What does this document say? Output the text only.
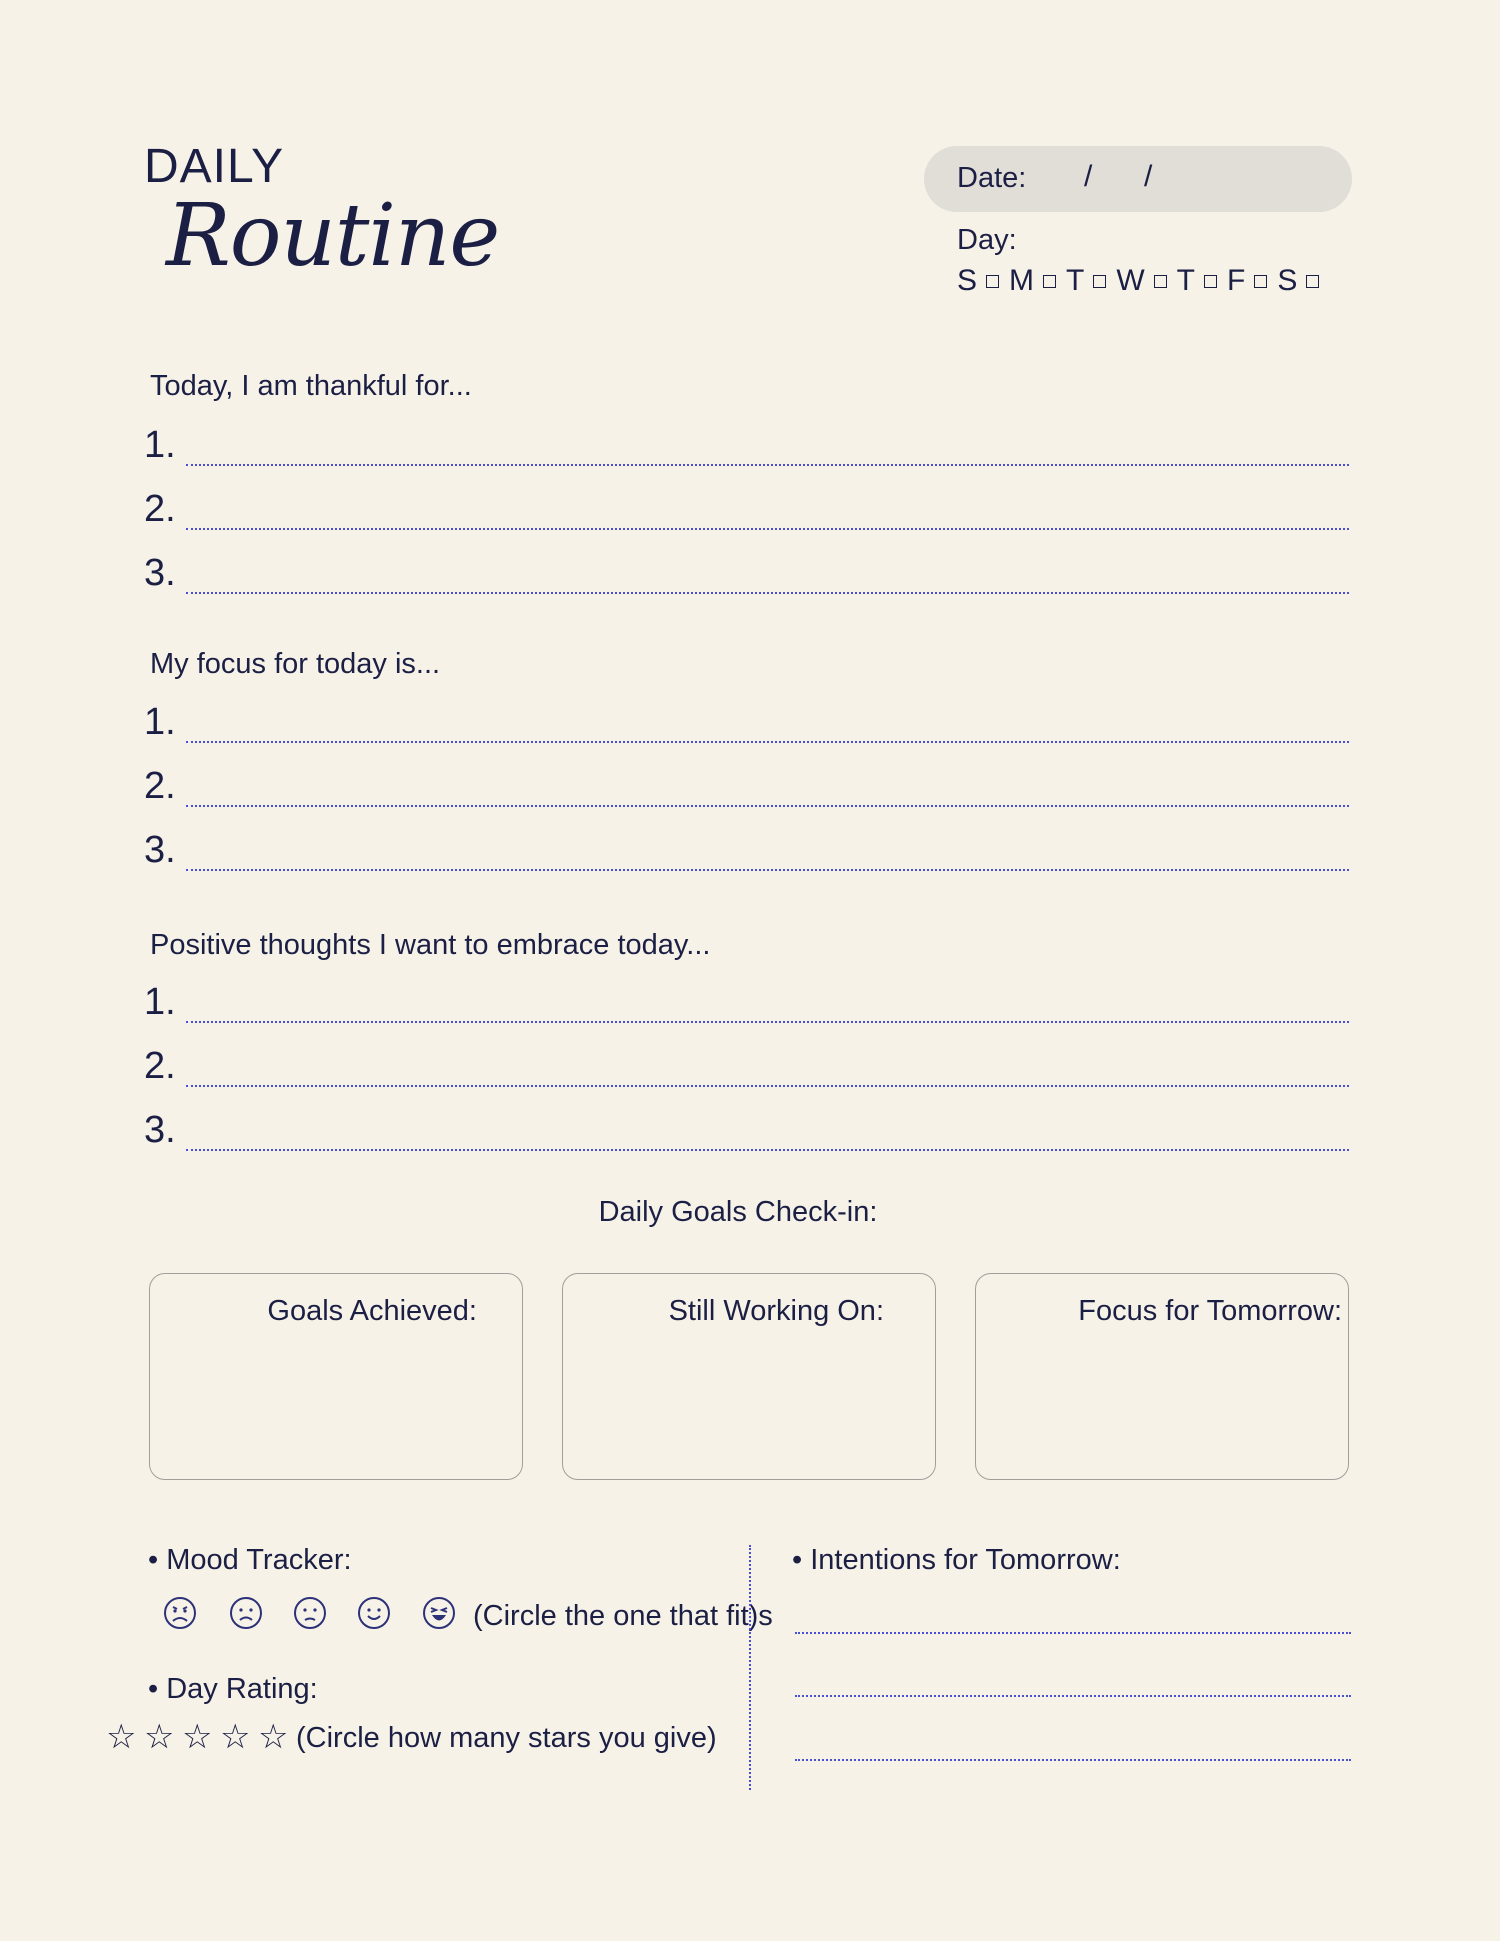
DAILY
Routine
Date: / /
Day:
S M T W T F S
Today, I am thankful for...
1.
2.
3.
My focus for today is...
1.
2.
3.
Positive thoughts I want to embrace today...
1.
2.
3.
Daily Goals Check-in:
Goals Achieved:	Still Working On:	Focus for Tomorrow:
• Mood Tracker:
(Circle the one that fit)s
• Day Rating:
☆ ☆ ☆ ☆ ☆ (Circle how many stars you give)
• Intentions for Tomorrow:
